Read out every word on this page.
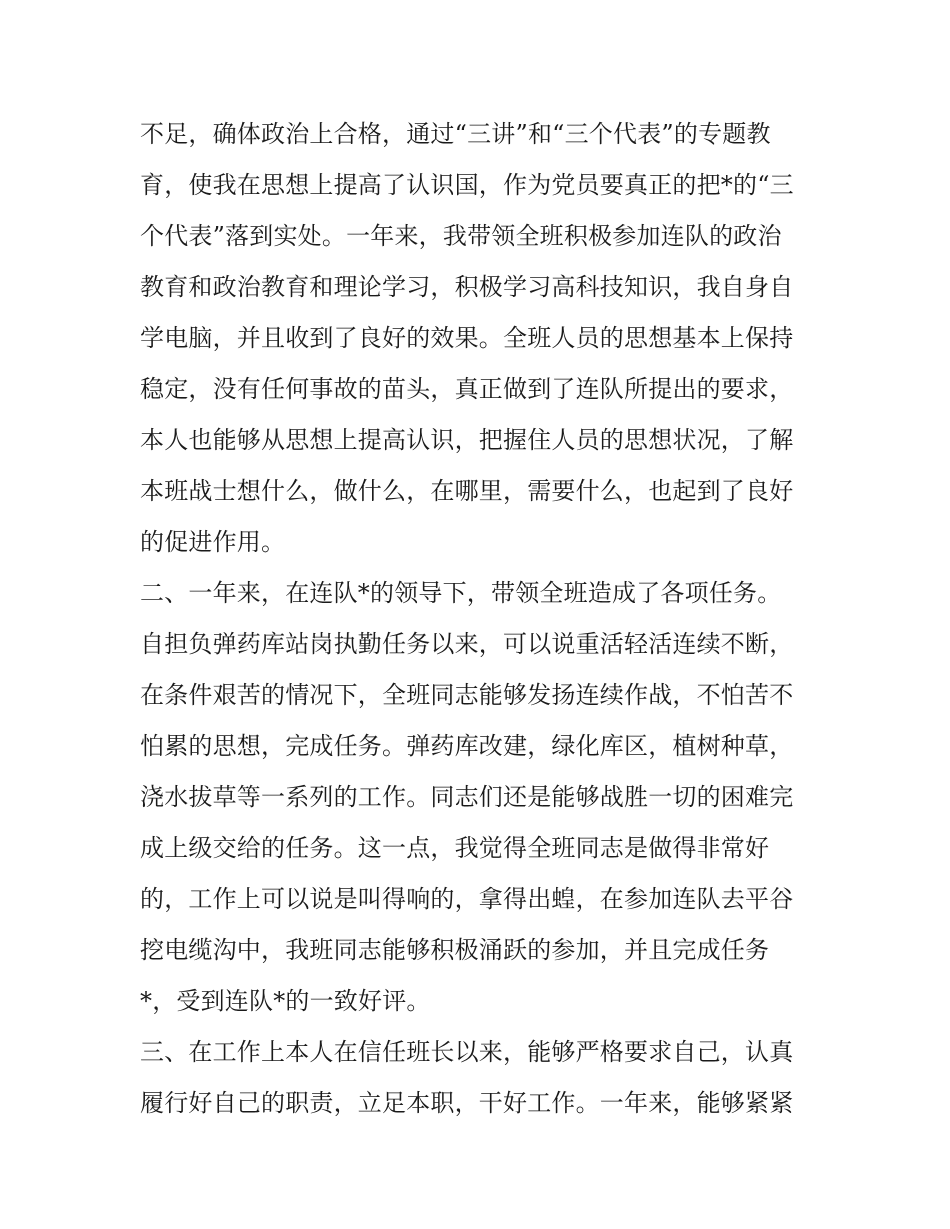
不足，确体政治上合格，通过“三讲”和“三个代表”的专题教
育，使我在思想上提高了认识国，作为党员要真正的把*的“三
个代表”落到实处。一年来，我带领全班积极参加连队的政治
教育和政治教育和理论学习，积极学习高科技知识，我自身自
学电脑，并且收到了良好的效果。全班人员的思想基本上保持
稳定，没有任何事故的苗头，真正做到了连队所提出的要求，
本人也能够从思想上提高认识，把握住人员的思想状况，了解
本班战士想什么，做什么，在哪里，需要什么，也起到了良好
的促进作用。
二、一年来，在连队*的领导下，带领全班造成了各项任务。
自担负弹药库站岗执勤任务以来，可以说重活轻活连续不断，
在条件艰苦的情况下，全班同志能够发扬连续作战，不怕苦不
怕累的思想，完成任务。弹药库改建，绿化库区，植树种草，
浇水拔草等一系列的工作。同志们还是能够战胜一切的困难完
成上级交给的任务。这一点，我觉得全班同志是做得非常好
的，工作上可以说是叫得响的，拿得出蝗，在参加连队去平谷
挖电缆沟中，我班同志能够积极涌跃的参加，并且完成任务
*，受到连队*的一致好评。
三、在工作上本人在信任班长以来，能够严格要求自己，认真
履行好自己的职责，立足本职，干好工作。一年来，能够紧紧
